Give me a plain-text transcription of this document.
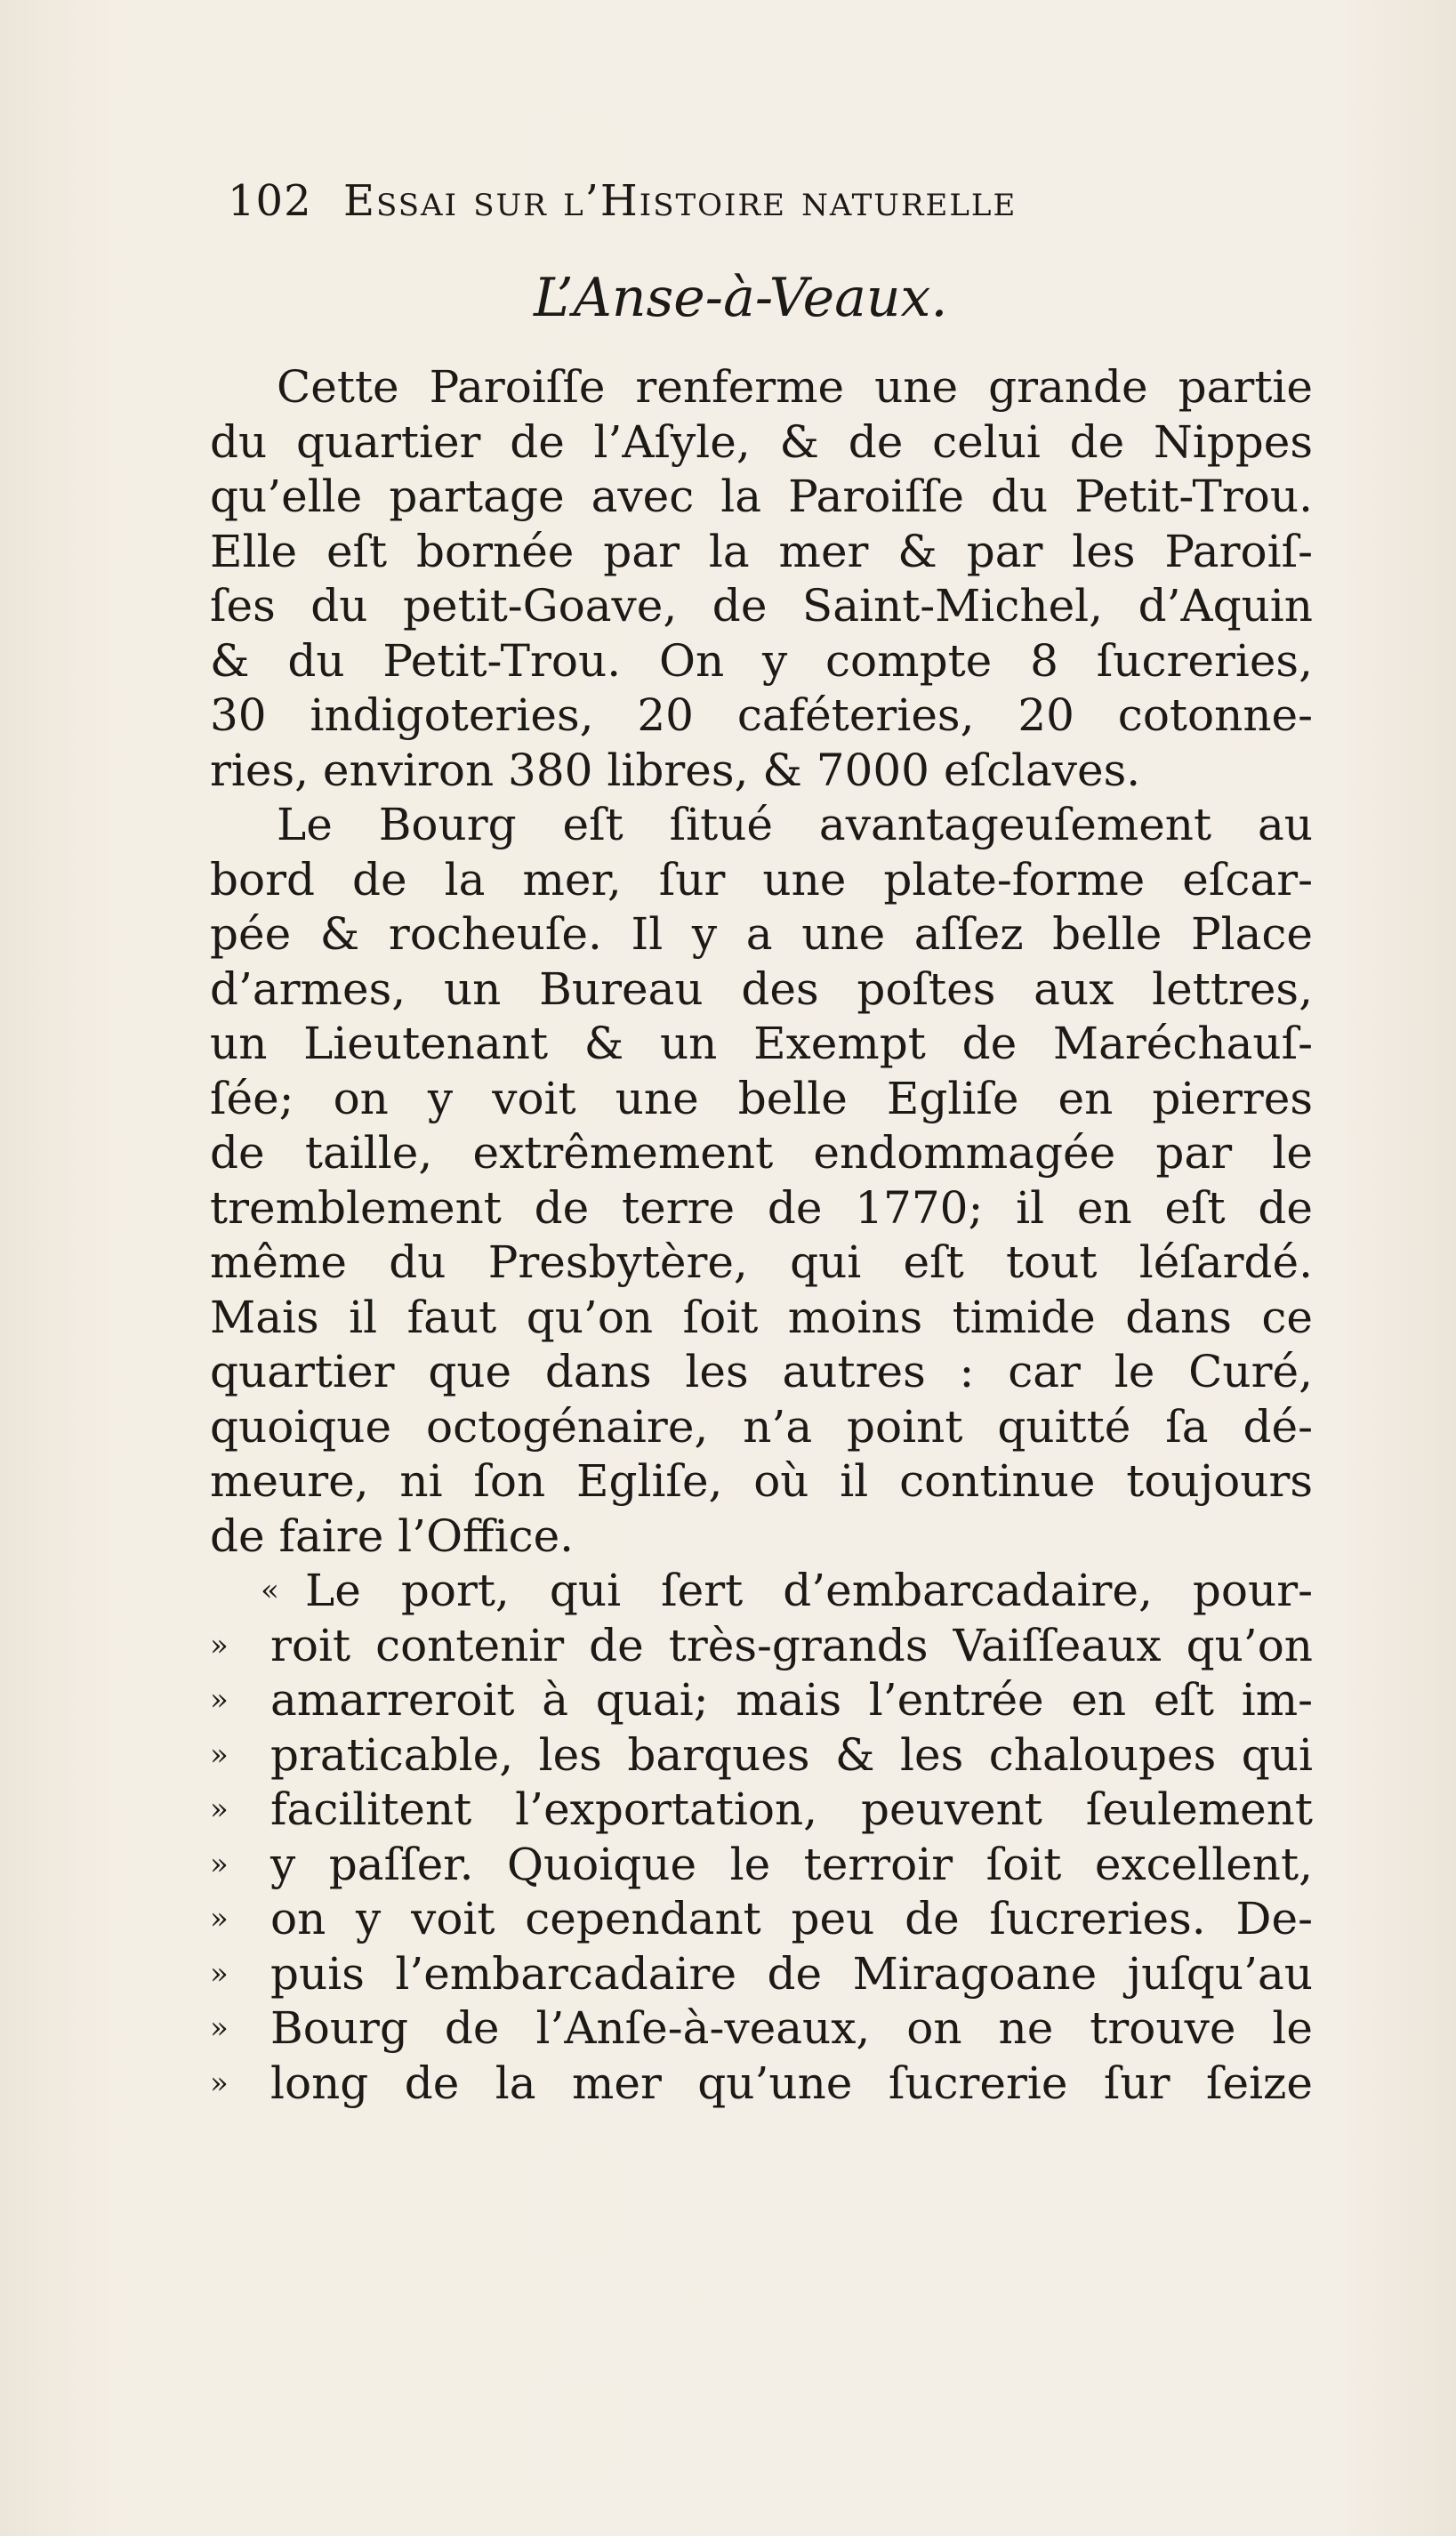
102 Essai sur l’Histoire naturelle
L’Anse-à-Veaux.
Cette Paroiſſe renferme une grande partie
du quartier de l’Aſyle, & de celui de Nippes
qu’elle partage avec la Paroiſſe du Petit-Trou.
Elle eſt bornée par la mer & par les Paroiſ-
ſes du petit-Goave, de Saint-Michel, d’Aquin
& du Petit-Trou. On y compte 8 ſucreries,
30 indigoteries, 20 caféteries, 20 cotonne-
ries, environ 380 libres, & 7000 eſclaves.
Le Bourg eſt ſitué avantageuſement au
bord de la mer, ſur une plate-forme eſcar-
pée & rocheuſe. Il y a une aſſez belle Place
d’armes, un Bureau des poſtes aux lettres,
un Lieutenant & un Exempt de Maréchauſ-
ſée; on y voit une belle Egliſe en pierres
de taille, extrêmement endommagée par le
tremblement de terre de 1770; il en eſt de
même du Presbytère, qui eſt tout léſardé.
Mais il faut qu’on ſoit moins timide dans ce
quartier que dans les autres : car le Curé,
quoique octogénaire, n’a point quitté ſa dé-
meure, ni ſon Egliſe, où il continue toujours
de faire l’Office.
« Le port, qui ſert d’embarcadaire, pour-
» roit contenir de très-grands Vaiſſeaux qu’on
» amarreroit à quai; mais l’entrée en eſt im-
» praticable, les barques & les chaloupes qui
» facilitent l’exportation, peuvent ſeulement
» y paſſer. Quoique le terroir ſoit excellent,
» on y voit cependant peu de ſucreries. De-
» puis l’embarcadaire de Miragoane juſqu’au
» Bourg de l’Anſe-à-veaux, on ne trouve le
» long de la mer qu’une ſucrerie ſur ſeize
